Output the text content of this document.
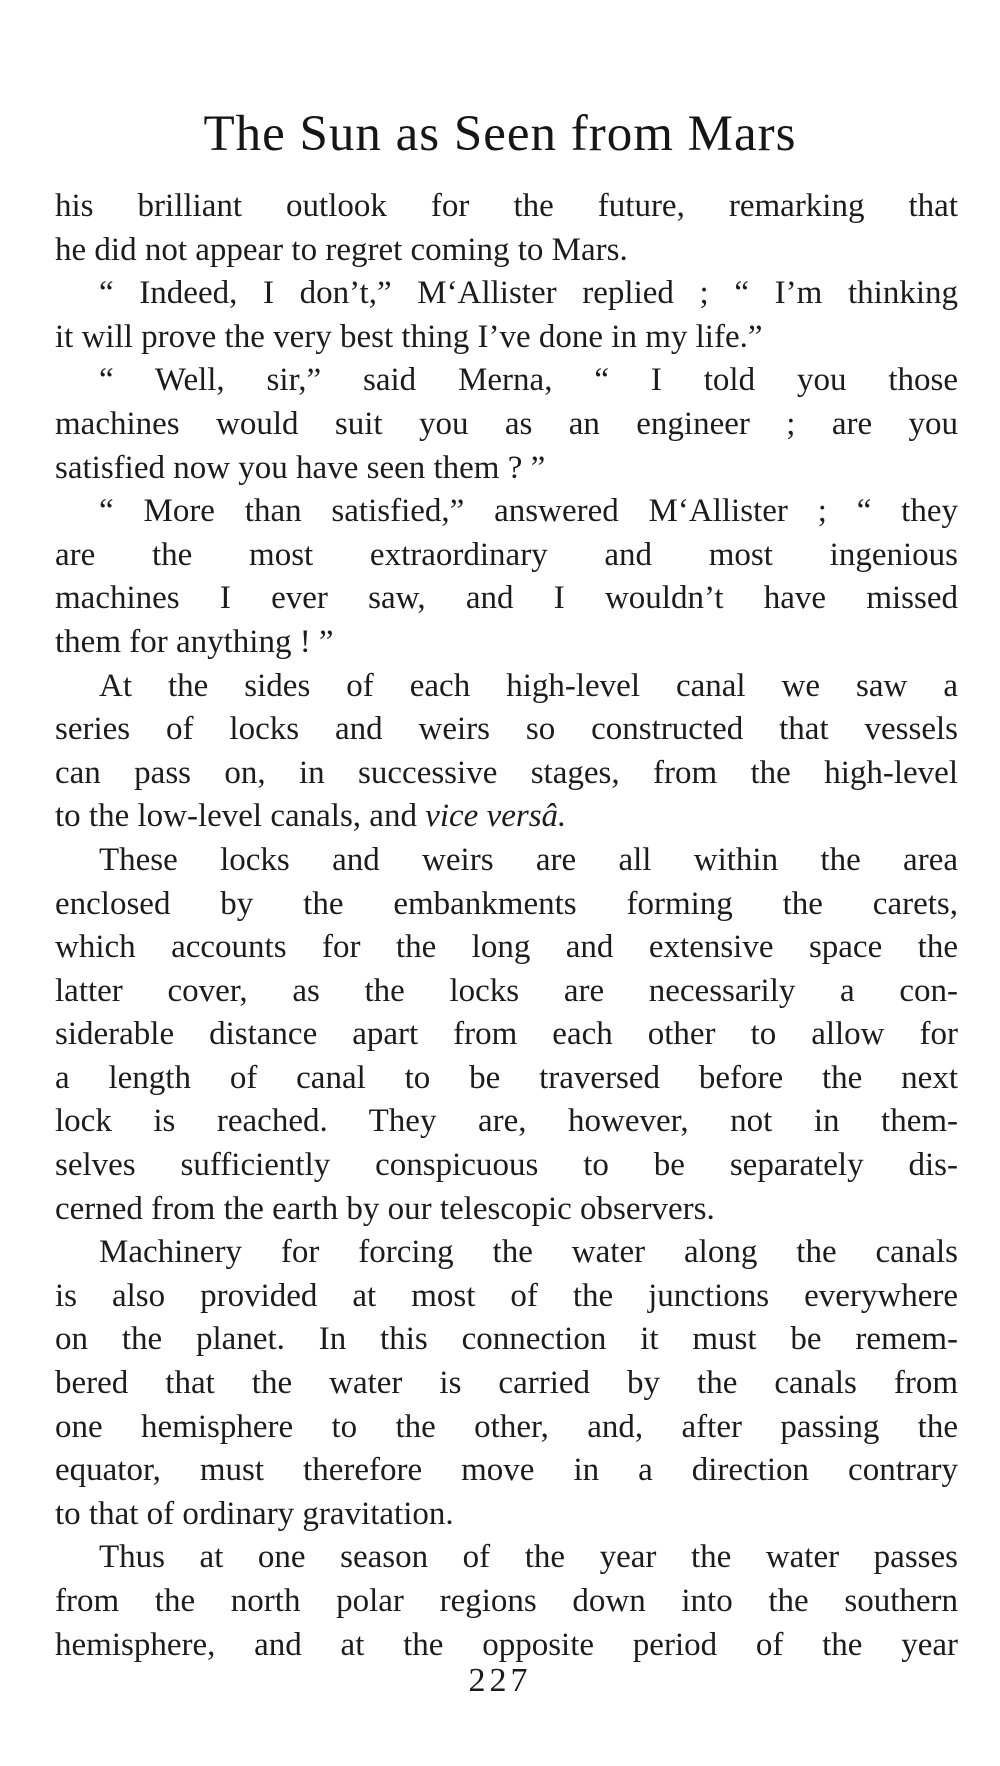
The Sun as Seen from Mars
his brilliant outlook for the future, remarking that
he did not appear to regret coming to Mars.
“ Indeed, I don’t,” M‘Allister replied ; “ I’m thinking
it will prove the very best thing I’ve done in my life.”
“ Well, sir,” said Merna, “ I told you those
machines would suit you as an engineer ; are you
satisfied now you have seen them ? ”
“ More than satisfied,” answered M‘Allister ; “ they
are the most extraordinary and most ingenious
machines I ever saw, and I wouldn’t have missed
them for anything ! ”
At the sides of each high-level canal we saw a
series of locks and weirs so constructed that vessels
can pass on, in successive stages, from the high-level
to the low-level canals, and vice versâ.
These locks and weirs are all within the area
enclosed by the embankments forming the carets,
which accounts for the long and extensive space the
latter cover, as the locks are necessarily a con-
siderable distance apart from each other to allow for
a length of canal to be traversed before the next
lock is reached. They are, however, not in them-
selves sufficiently conspicuous to be separately dis-
cerned from the earth by our telescopic observers.
Machinery for forcing the water along the canals
is also provided at most of the junctions everywhere
on the planet. In this connection it must be remem-
bered that the water is carried by the canals from
one hemisphere to the other, and, after passing the
equator, must therefore move in a direction contrary
to that of ordinary gravitation.
Thus at one season of the year the water passes
from the north polar regions down into the southern
hemisphere, and at the opposite period of the year
227
